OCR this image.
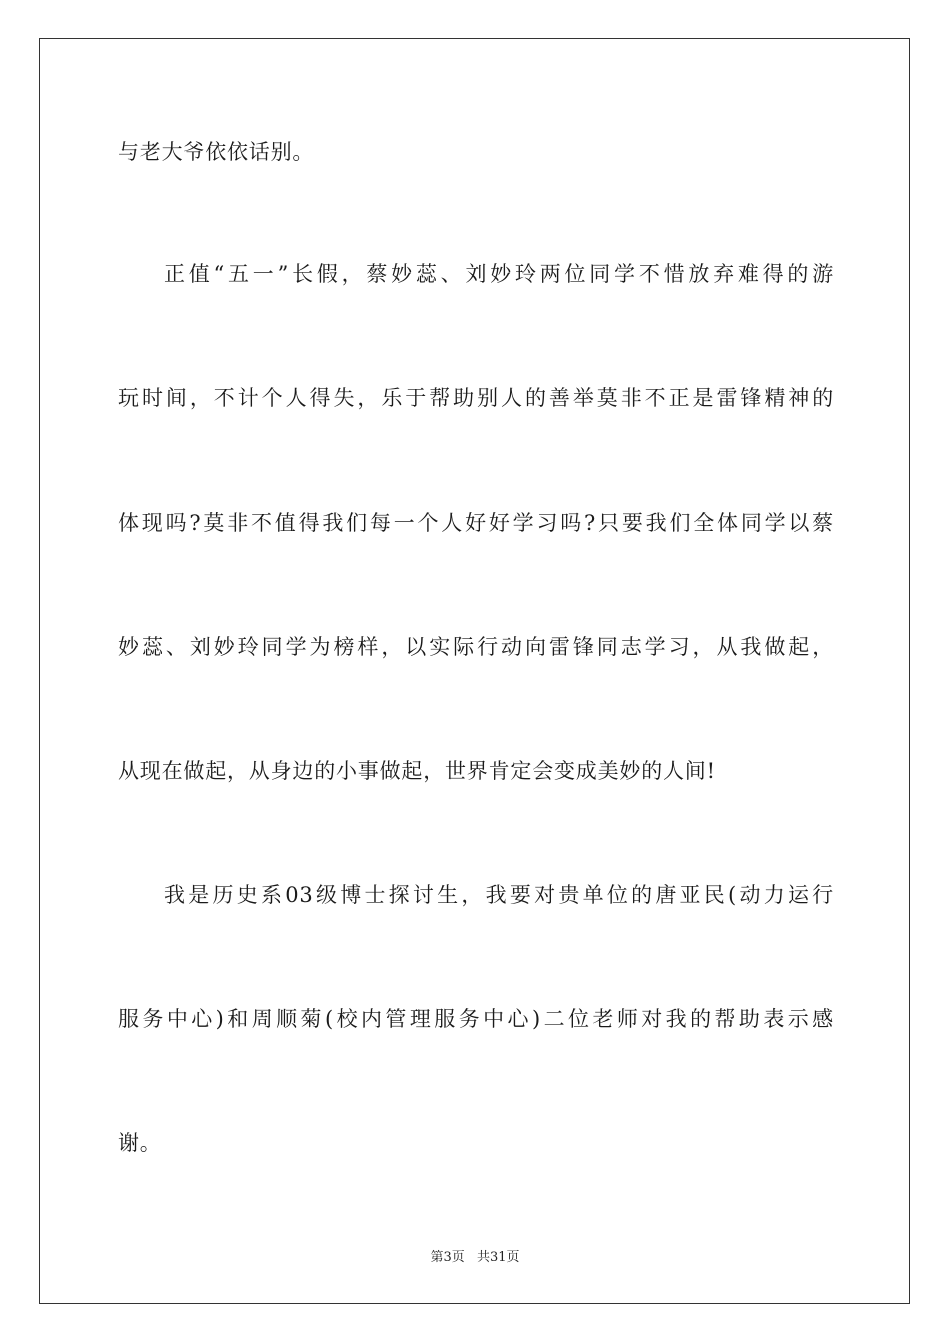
与老大爷依依话别。
正值“五一”长假，蔡妙蕊、刘妙玲两位同学不惜放弃难得的游
玩时间，不计个人得失，乐于帮助别人的善举莫非不正是雷锋精神的
体现吗?莫非不值得我们每一个人好好学习吗?只要我们全体同学以蔡
妙蕊、刘妙玲同学为榜样，以实际行动向雷锋同志学习，从我做起，
从现在做起，从身边的小事做起，世界肯定会变成美妙的人间!
我是历史系03级博士探讨生，我要对贵单位的唐亚民(动力运行
服务中心)和周顺菊(校内管理服务中心)二位老师对我的帮助表示感
谢。
第3页 共31页
